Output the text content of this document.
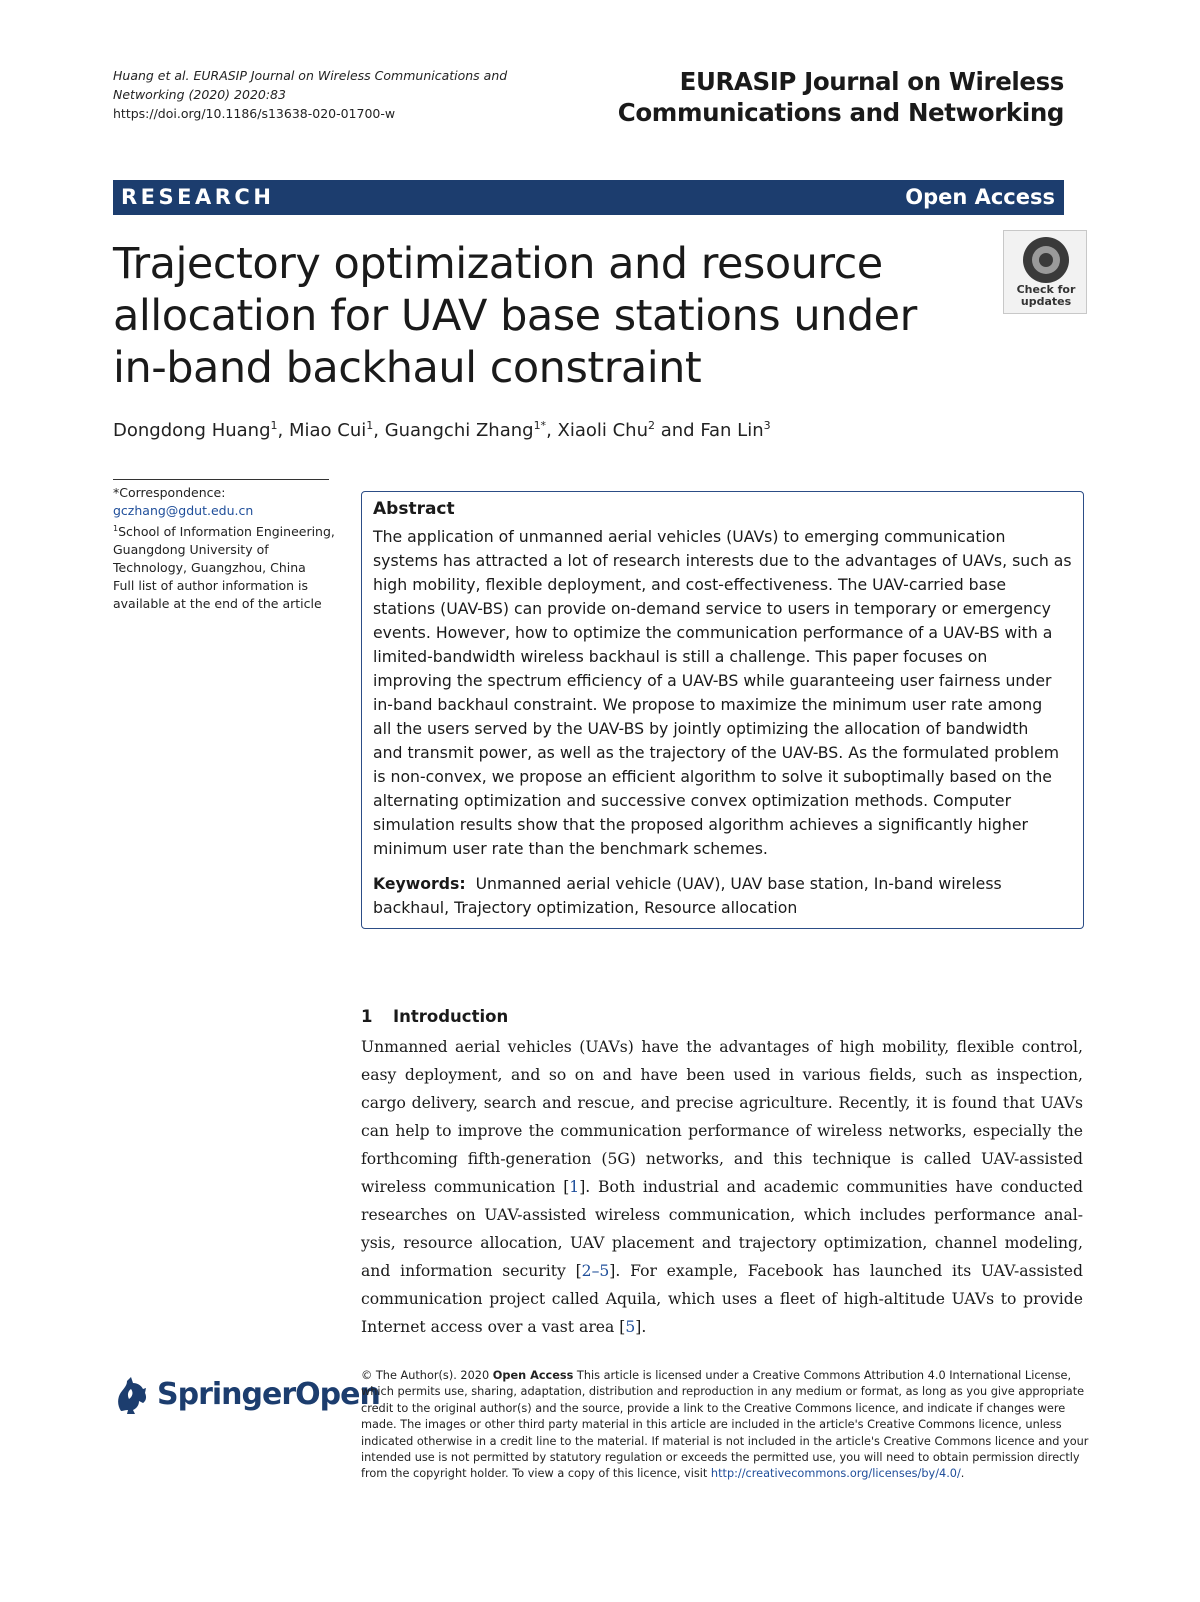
Huang et al. EURASIP Journal on Wireless Communications and
Networking (2020) 2020:83
https://doi.org/10.1186/s13638-020-01700-w
EURASIP Journal on Wireless
Communications and Networking
RESEARCH	Open Access
Trajectory optimization and resource
allocation for UAV base stations under
in-band backhaul constraint
Check for
updates
Dongdong Huang$^1$, Miao Cui$^1$, Guangchi Zhang$^{1*}$, Xiaoli Chu$^2$ and Fan Lin$^3$
*Correspondence:
gczhang@gdut.edu.cn
$^1$School of Information Engineering,
Guangdong University of
Technology, Guangzhou, China
Full list of author information is
available at the end of the article
Abstract
The application of unmanned aerial vehicles (UAVs) to emerging communication
systems has attracted a lot of research interests due to the advantages of UAVs, such as
high mobility, flexible deployment, and cost-effectiveness. The UAV-carried base
stations (UAV-BS) can provide on-demand service to users in temporary or emergency
events. However, how to optimize the communication performance of a UAV-BS with a
limited-bandwidth wireless backhaul is still a challenge. This paper focuses on
improving the spectrum efficiency of a UAV-BS while guaranteeing user fairness under
in-band backhaul constraint. We propose to maximize the minimum user rate among
all the users served by the UAV-BS by jointly optimizing the allocation of bandwidth
and transmit power, as well as the trajectory of the UAV-BS. As the formulated problem
is non-convex, we propose an efficient algorithm to solve it suboptimally based on the
alternating optimization and successive convex optimization methods. Computer
simulation results show that the proposed algorithm achieves a significantly higher
minimum user rate than the benchmark schemes.
Keywords: Unmanned aerial vehicle (UAV), UAV base station, In-band wireless
backhaul, Trajectory optimization, Resource allocation
1 Introduction
Unmanned aerial vehicles (UAVs) have the advantages of high mobility, flexible control,
easy deployment, and so on and have been used in various fields, such as inspection,
cargo delivery, search and rescue, and precise agriculture. Recently, it is found that UAVs
can help to improve the communication performance of wireless networks, especially the
forthcoming fifth-generation (5G) networks, and this technique is called UAV-assisted
wireless communication [1]. Both industrial and academic communities have conducted
researches on UAV-assisted wireless communication, which includes performance anal-
ysis, resource allocation, UAV placement and trajectory optimization, channel modeling,
and information security [2–5]. For example, Facebook has launched its UAV-assisted
communication project called Aquila, which uses a fleet of high-altitude UAVs to provide
Internet access over a vast area [5].
SpringerOpen
© The Author(s). 2020 Open Access This article is licensed under a Creative Commons Attribution 4.0 International License,
which permits use, sharing, adaptation, distribution and reproduction in any medium or format, as long as you give appropriate
credit to the original author(s) and the source, provide a link to the Creative Commons licence, and indicate if changes were
made. The images or other third party material in this article are included in the article's Creative Commons licence, unless
indicated otherwise in a credit line to the material. If material is not included in the article's Creative Commons licence and your
intended use is not permitted by statutory regulation or exceeds the permitted use, you will need to obtain permission directly
from the copyright holder. To view a copy of this licence, visit http://creativecommons.org/licenses/by/4.0/.
